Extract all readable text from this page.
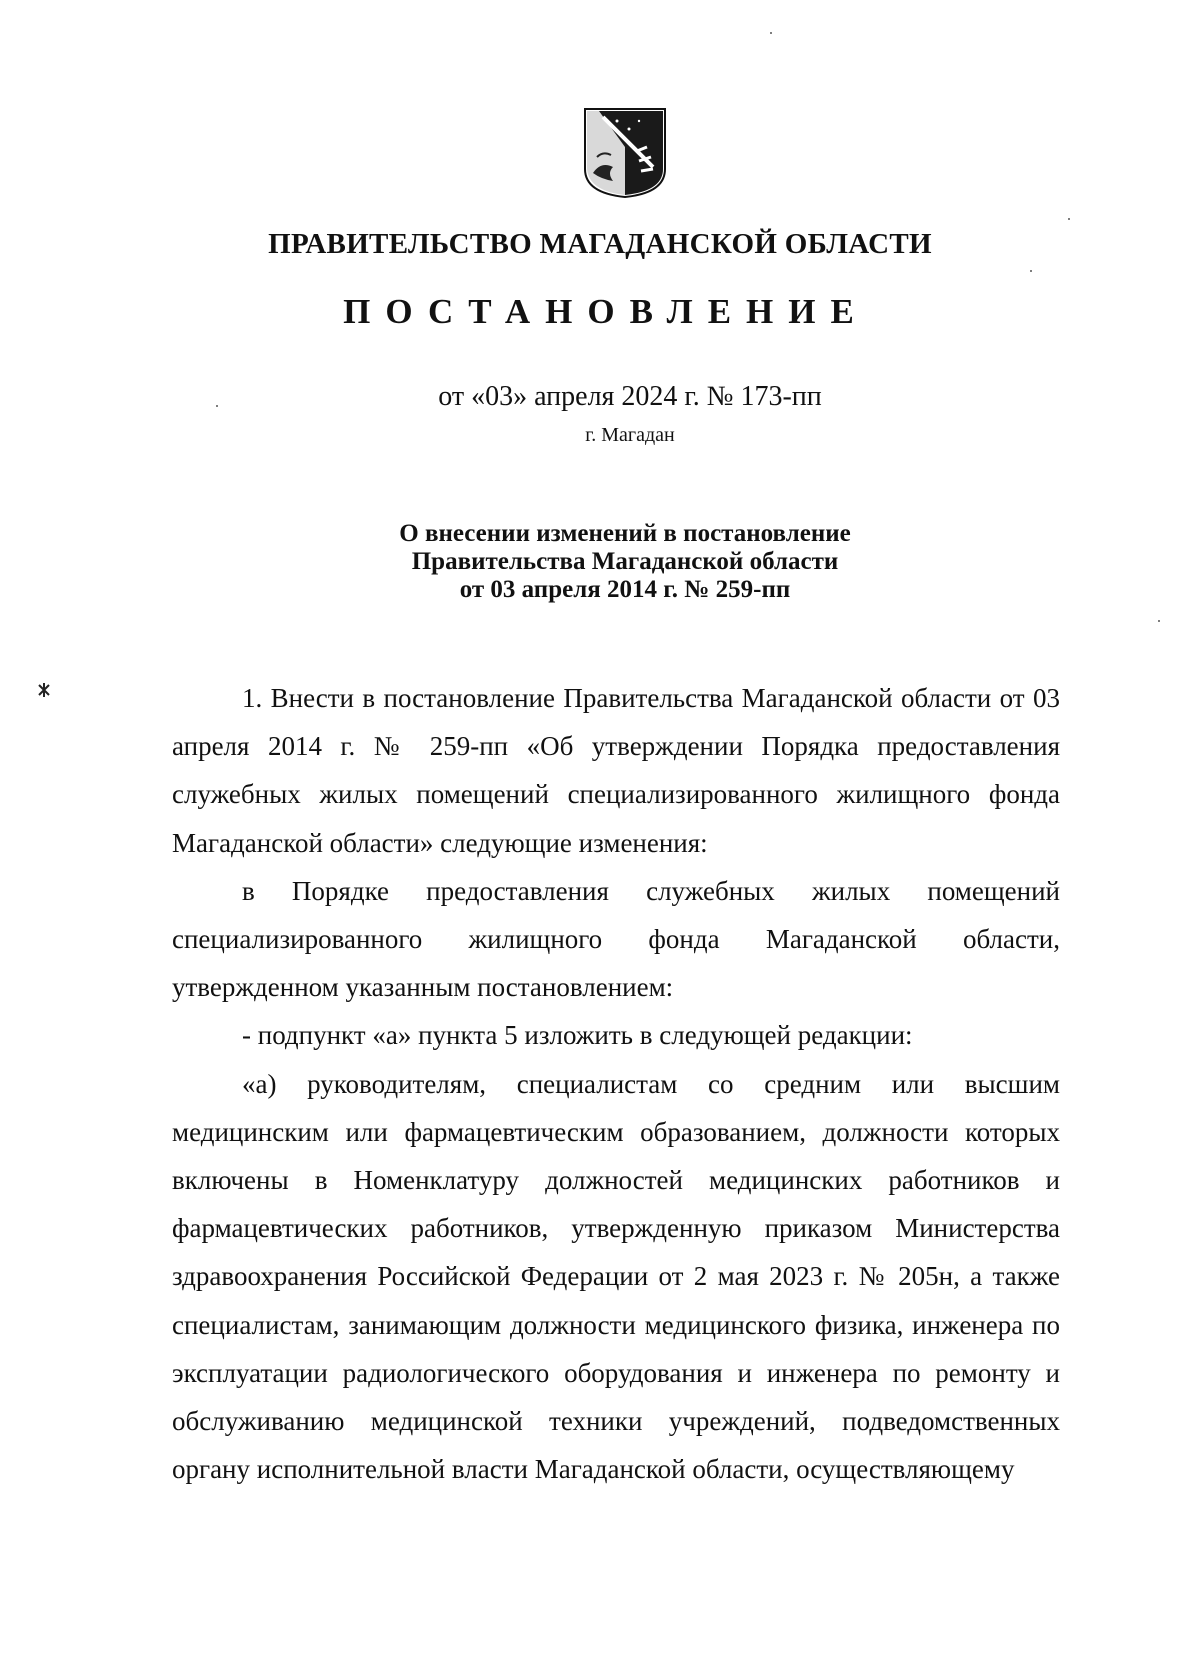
ПРАВИТЕЛЬСТВО МАГАДАНСКОЙ ОБЛАСТИ
ПОСТАНОВЛЕНИЕ
от «03» апреля 2024 г. № 173-пп
г. Магадан
О внесении изменений в постановление
Правительства Магаданской области
от 03 апреля 2014 г. № 259-пп

1. Внести в постановление Правительства Магаданской области от 03 апреля 2014 г. № 259-пп «Об утверждении Порядка предоставления служебных жилых помещений специализированного жилищного фонда Магаданской области» следующие изменения:

в Порядке предоставления служебных жилых помещений специализированного жилищного фонда Магаданской области, утвержденном указанным постановлением:

- подпункт «а» пункта 5 изложить в следующей редакции:

«а) руководителям, специалистам со средним или высшим медицинским или фармацевтическим образованием, должности которых включены в Номенклатуру должностей медицинских работников и фармацевтических работников, утвержденную приказом Министерства здравоохранения Российской Федерации от 2 мая 2023 г. № 205н, а также специалистам, занимающим должности медицинского физика, инженера по эксплуатации радиологического оборудования и инженера по ремонту и обслуживанию медицинской техники учреждений, подведомственных органу исполнительной власти Магаданской области, осуществляющему
